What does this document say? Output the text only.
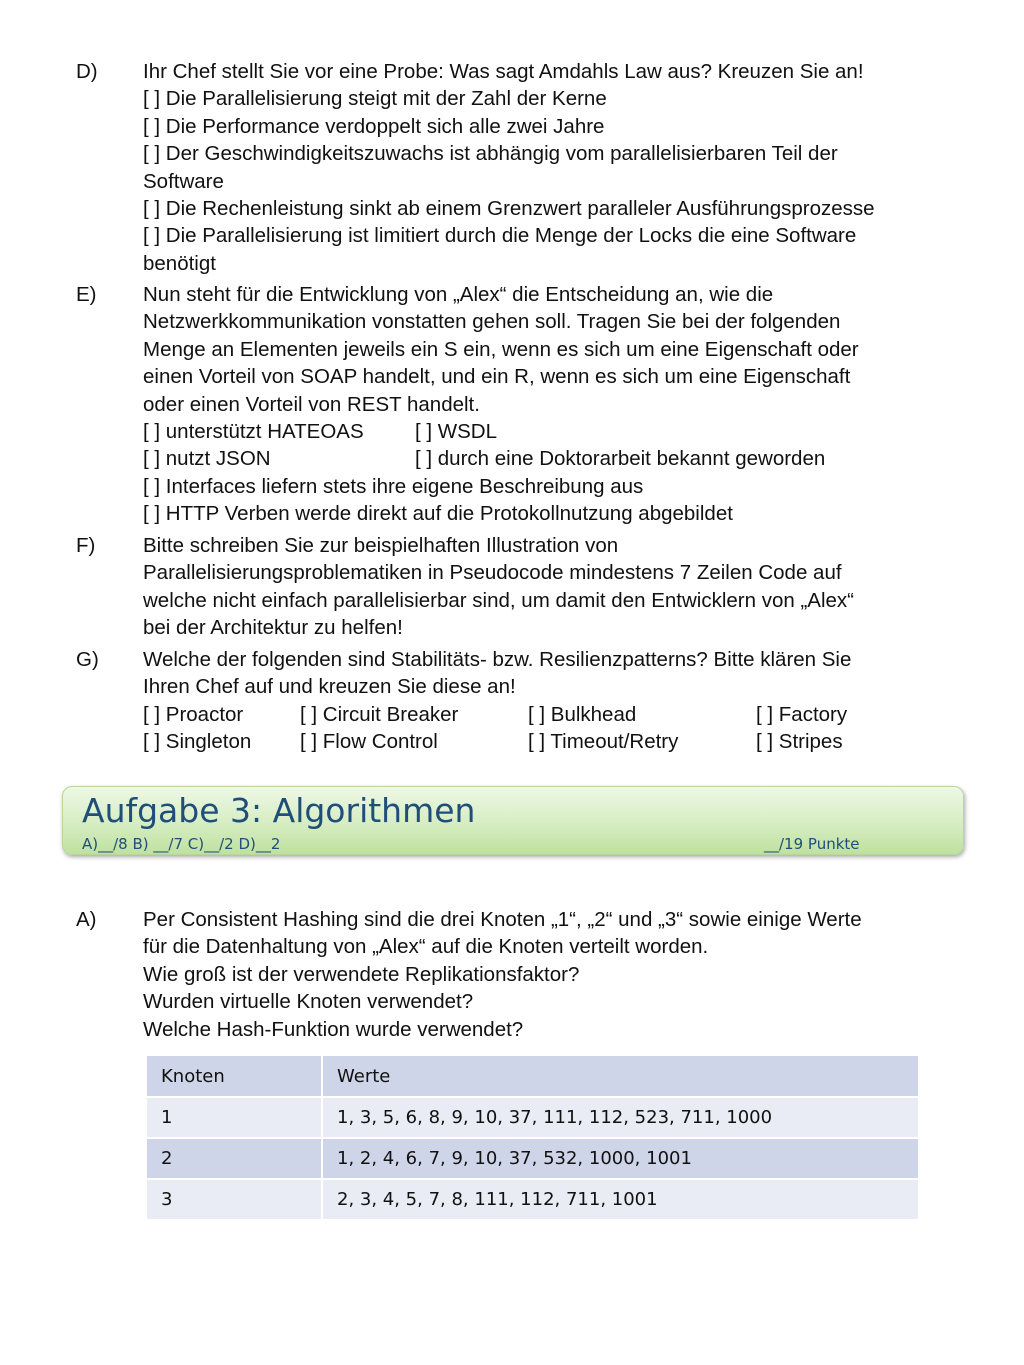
D)	Ihr Chef stellt Sie vor eine Probe: Was sagt Amdahls Law aus? Kreuzen Sie an!
[ ] Die Parallelisierung steigt mit der Zahl der Kerne
[ ] Die Performance verdoppelt sich alle zwei Jahre
[ ] Der Geschwindigkeitszuwachs ist abhängig vom parallelisierbaren Teil der
Software
[ ] Die Rechenleistung sinkt ab einem Grenzwert paralleler Ausführungsprozesse
[ ] Die Parallelisierung ist limitiert durch die Menge der Locks die eine Software
benötigt
E)	Nun steht für die Entwicklung von „Alex“ die Entscheidung an, wie die
Netzwerkkommunikation vonstatten gehen soll. Tragen Sie bei der folgenden
Menge an Elementen jeweils ein S ein, wenn es sich um eine Eigenschaft oder
einen Vorteil von SOAP handelt, und ein R, wenn es sich um eine Eigenschaft
oder einen Vorteil von REST handelt.
[ ] unterstützt HATEOAS	[ ] WSDL
[ ] nutzt JSON	[ ] durch eine Doktorarbeit bekannt geworden
[ ] Interfaces liefern stets ihre eigene Beschreibung aus
[ ] HTTP Verben werde direkt auf die Protokollnutzung abgebildet
F)	Bitte schreiben Sie zur beispielhaften Illustration von
Parallelisierungsproblematiken in Pseudocode mindestens 7 Zeilen Code auf
welche nicht einfach parallelisierbar sind, um damit den Entwicklern von „Alex“
bei der Architektur zu helfen!
G)	Welche der folgenden sind Stabilitäts- bzw. Resilienzpatterns? Bitte klären Sie
Ihren Chef auf und kreuzen Sie diese an!
[ ] Proactor	[ ] Circuit Breaker	[ ] Bulkhead	[ ] Factory
[ ] Singleton [ ] Flow Control	[ ] Timeout/Retry	[ ] Stripes
Aufgabe 3: Algorithmen
A)__/8 B) __/7 C)__/2 D)__2	__/19 Punkte
A)	Per Consistent Hashing sind die drei Knoten „1“, „2“ und „3“ sowie einige Werte
für die Datenhaltung von „Alex“ auf die Knoten verteilt worden.
Wie groß ist der verwendete Replikationsfaktor?
Wurden virtuelle Knoten verwendet?
Welche Hash-Funktion wurde verwendet?
Knoten	Werte
1	1, 3, 5, 6, 8, 9, 10, 37, 111, 112, 523, 711, 1000
2	1, 2, 4, 6, 7, 9, 10, 37, 532, 1000, 1001
3	2, 3, 4, 5, 7, 8, 111, 112, 711, 1001
